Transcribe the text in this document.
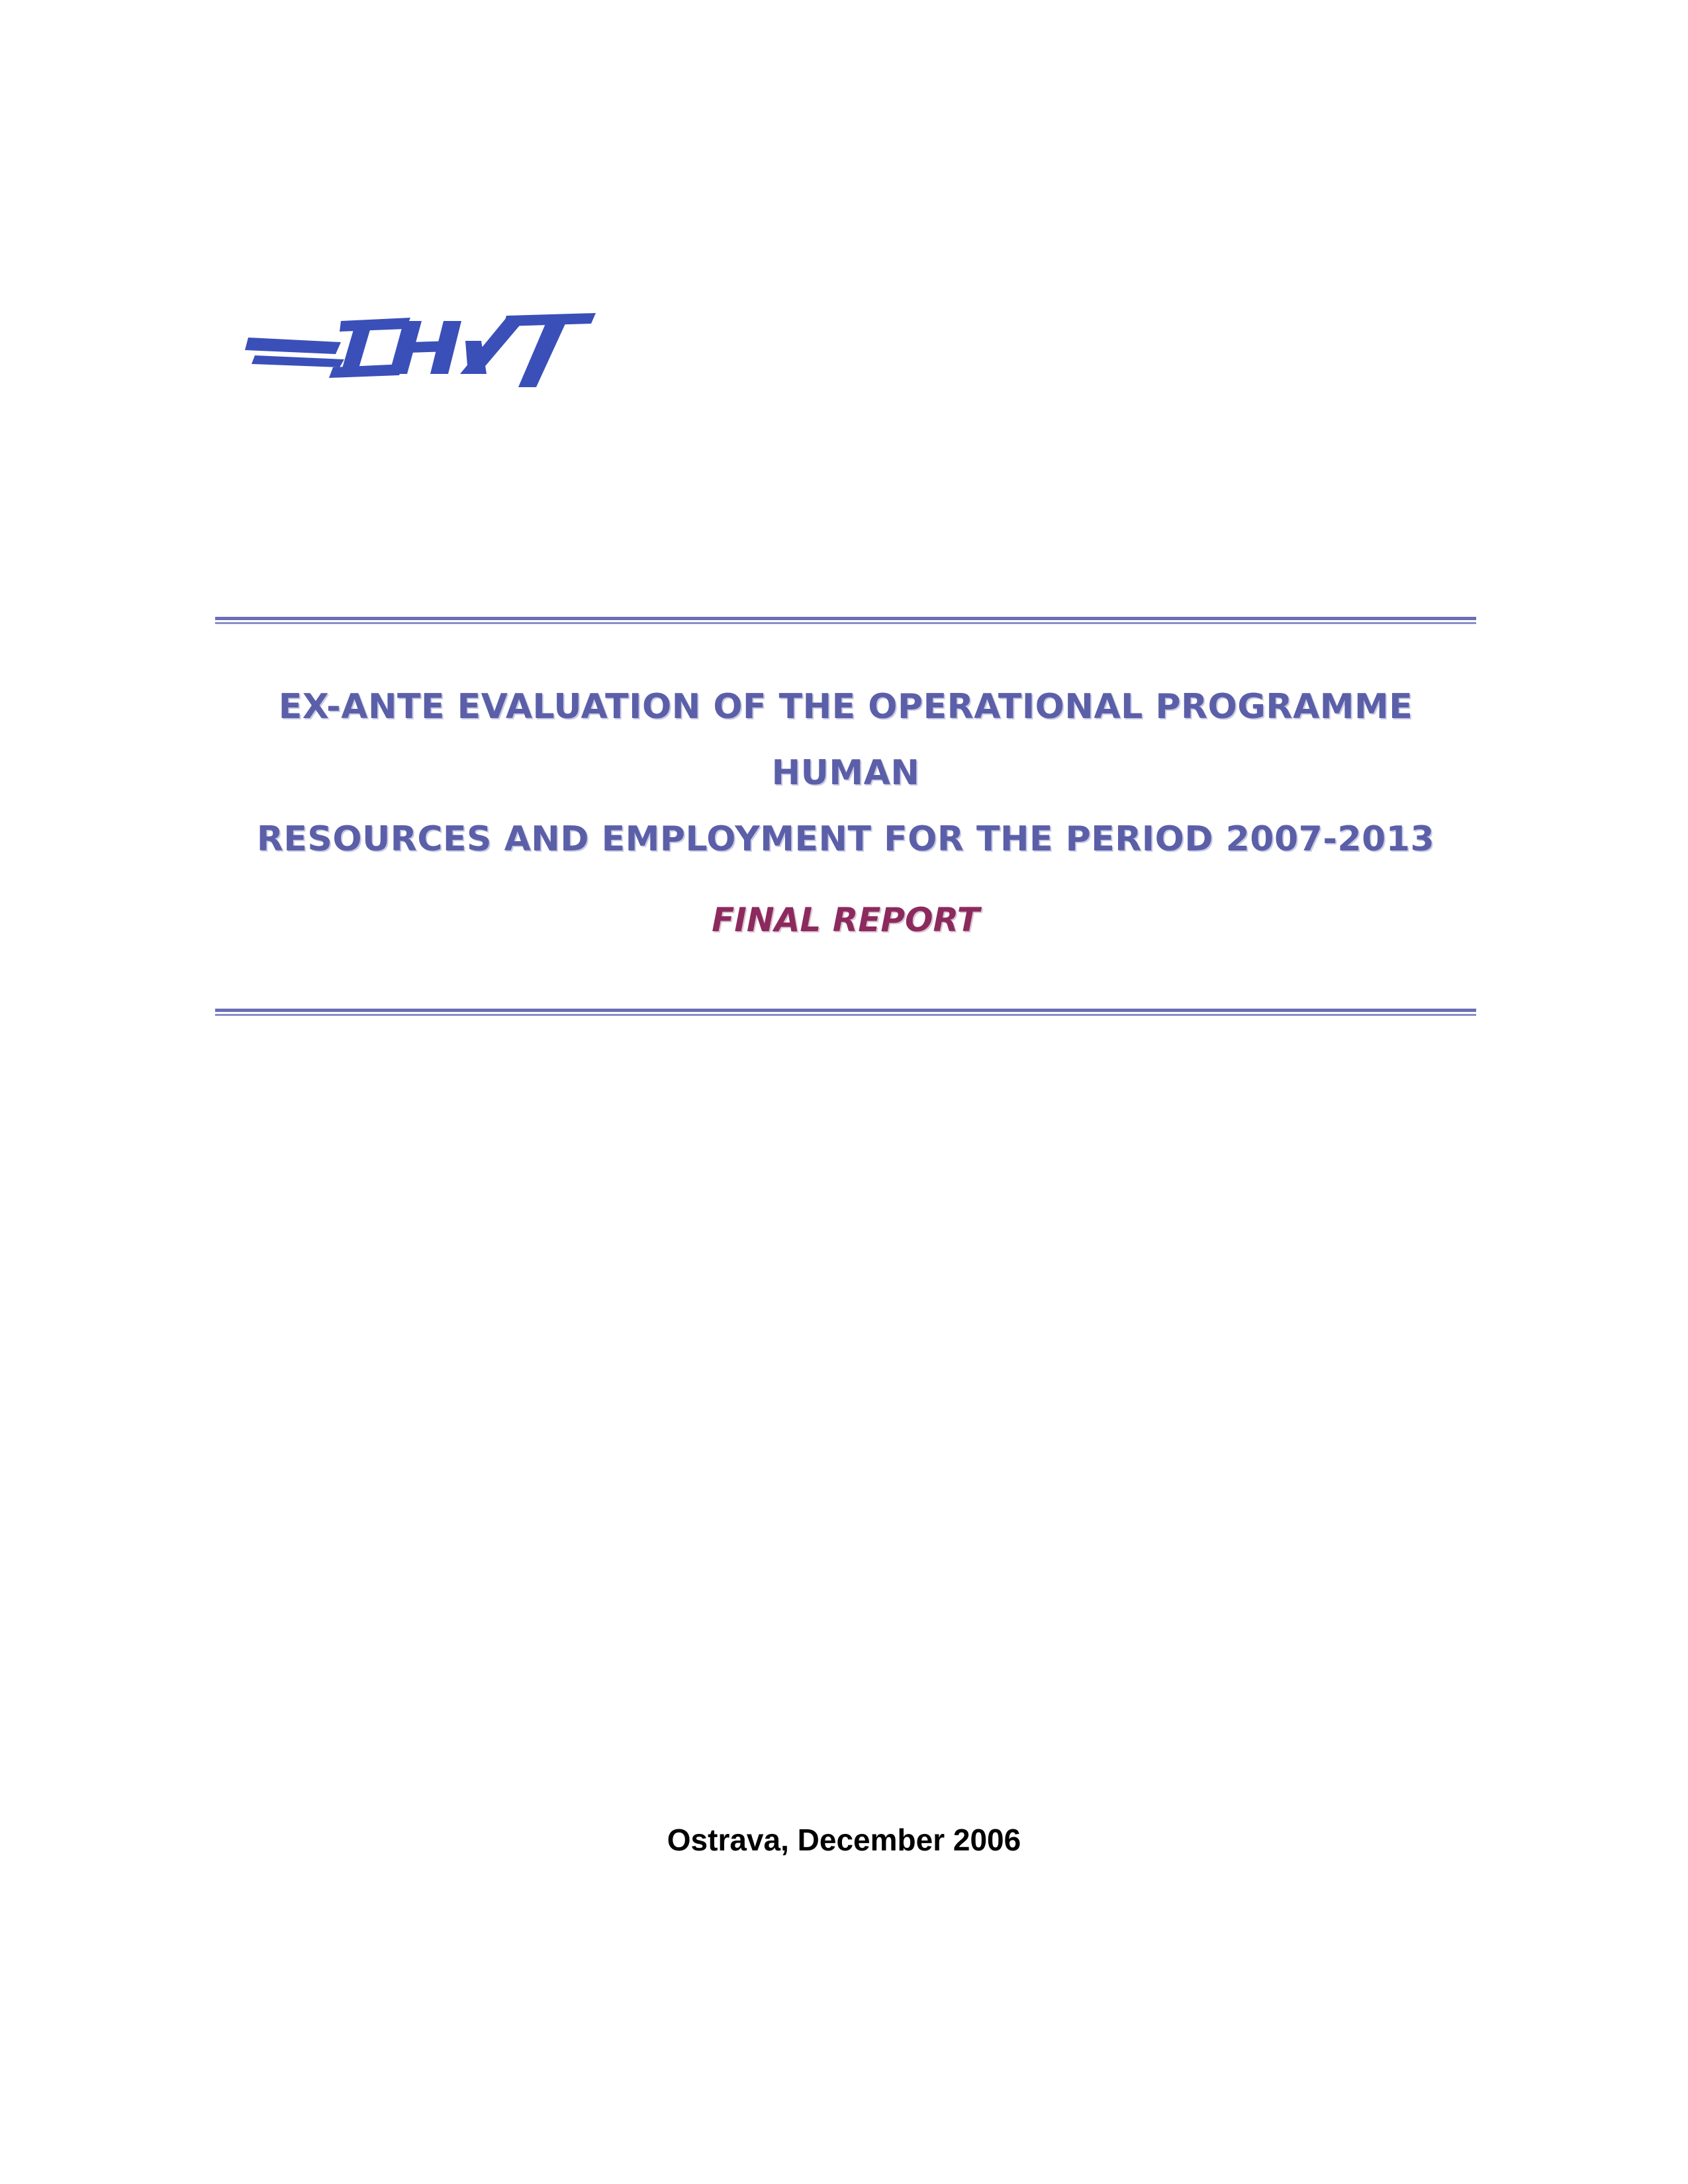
EX-ANTE EVALUATION OF THE OPERATIONAL PROGRAMME HUMAN
RESOURCES AND EMPLOYMENT FOR THE PERIOD 2007-2013
FINAL REPORT
Ostrava, December 2006
